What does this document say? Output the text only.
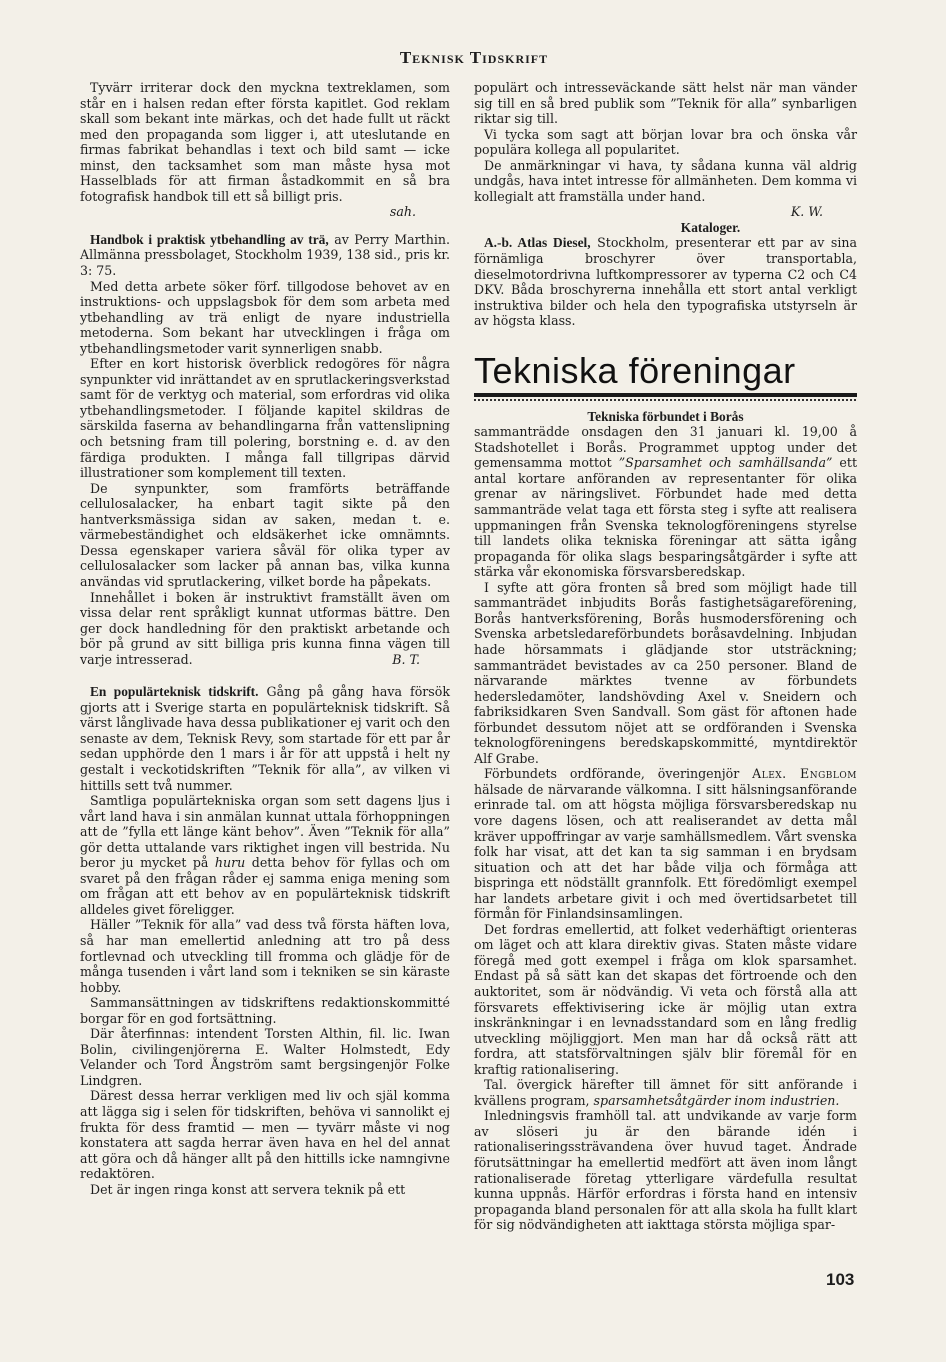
Teknisk Tidskrift
Tyvärr irriterar dock den myckna textreklamen, som står en i halsen redan efter första kapitlet. God reklam skall som bekant inte märkas, och det hade fullt ut räckt med den propaganda som ligger i, att uteslutande en firmas fabrikat behandlas i text och bild samt — icke minst, den tacksamhet som man måste hysa mot Hasselblads för att firman åstadkommit en så bra fotografisk handbok till ett så billigt pris.
sah.
Handbok i praktisk ytbehandling av trä, av Perry Marthin. Allmänna pressbolaget, Stockholm 1939, 138 sid., pris kr. 3: 75.
Med detta arbete söker förf. tillgodose behovet av en instruktions- och uppslagsbok för dem som arbeta med ytbehandling av trä enligt de nyare industriella metoderna. Som bekant har utvecklingen i fråga om ytbehandlingsmetoder varit synnerligen snabb.
Efter en kort historisk överblick redogöres för några synpunkter vid inrättandet av en sprutlackeringsverkstad samt för de verktyg och material, som erfordras vid olika ytbehandlingsmetoder. I följande kapitel skildras de särskilda faserna av behandlingarna från vattenslipning och betsning fram till polering, borstning e. d. av den färdiga produkten. I många fall tillgripas därvid illustrationer som komplement till texten.
De synpunkter, som framförts beträffande cellulosalacker, ha enbart tagit sikte på den hantverksmässiga sidan av saken, medan t. e. värmebeständighet och eldsäkerhet icke omnämnts. Dessa egenskaper variera såväl för olika typer av cellulosalacker som lacker på annan bas, vilka kunna användas vid sprutlackering, vilket borde ha påpekats.
Innehållet i boken är instruktivt framställt även om vissa delar rent språkligt kunnat utformas bättre. Den ger dock handledning för den praktiskt arbetande och bör på grund av sitt billiga pris kunna finna vägen till varje intresserad.	B. T.
En populärteknisk tidskrift. Gång på gång hava försök gjorts att i Sverige starta en populärteknisk tidskrift. Så värst långlivade hava dessa publikationer ej varit och den senaste av dem, Teknisk Revy, som startade för ett par år sedan upphörde den 1 mars i år för att uppstå i helt ny gestalt i veckotidskriften ”Teknik för alla”, av vilken vi hittills sett två nummer.
Samtliga populärtekniska organ som sett dagens ljus i vårt land hava i sin anmälan kunnat uttala förhoppningen att de ”fylla ett länge känt behov”. Även ”Teknik för alla” gör detta uttalande vars riktighet ingen vill bestrida. Nu beror ju mycket på huru detta behov för fyllas och om svaret på den frågan råder ej samma eniga mening som om frågan att ett behov av en populärteknisk tidskrift alldeles givet föreligger.
Häller ”Teknik för alla” vad dess två första häften lova, så har man emellertid anledning att tro på dess fortlevnad och utveckling till fromma och glädje för de många tusenden i vårt land som i tekniken se sin käraste hobby.
Sammansättningen av tidskriftens redaktionskommitté borgar för en god fortsättning.
Där återfinnas: intendent Torsten Althin, fil. lic. Iwan Bolin, civilingenjörerna E. Walter Holmstedt, Edy Velander och Tord Ångström samt bergsingenjör Folke Lindgren.
Därest dessa herrar verkligen med liv och själ komma att lägga sig i selen för tidskriften, behöva vi sannolikt ej frukta för dess framtid — men — tyvärr måste vi nog konstatera att sagda herrar även hava en hel del annat att göra och då hänger allt på den hittills icke namngivne redaktören.
Det är ingen ringa konst att servera teknik på ett
populärt och intresseväckande sätt helst när man vänder sig till en så bred publik som ”Teknik för alla” synbarligen riktar sig till.
Vi tycka som sagt att början lovar bra och önska vår populära kollega all popularitet.
De anmärkningar vi hava, ty sådana kunna väl aldrig undgås, hava intet intresse för allmänheten. Dem komma vi kollegialt att framställa under hand.
K. W.
Kataloger.
A.-b. Atlas Diesel, Stockholm, presenterar ett par av sina förnämliga broschyrer över transportabla, dieselmotordrivna luftkompressorer av typerna C2 och C4 DKV. Båda broschyrerna innehålla ett stort antal verkligt instruktiva bilder och hela den typografiska utstyrseln är av högsta klass.
Tekniska föreningar
Tekniska förbundet i Borås
sammanträdde onsdagen den 31 januari kl. 19,00 å Stadshotellet i Borås. Programmet upptog under det gemensamma mottot ”Sparsamhet och samhällsanda” ett antal kortare anföranden av representanter för olika grenar av näringslivet. Förbundet hade med detta sammanträde velat taga ett första steg i syfte att realisera uppmaningen från Svenska teknologföreningens styrelse till landets olika tekniska föreningar att sätta igång propaganda för olika slags besparingsåtgärder i syfte att stärka vår ekonomiska försvarsberedskap.
I syfte att göra fronten så bred som möjligt hade till sammanträdet inbjudits Borås fastighetsägareförening, Borås hantverksförening, Borås husmodersförening och Svenska arbetsledareförbundets boråsavdelning. Inbjudan hade hörsammats i glädjande stor utsträckning; sammanträdet bevistades av ca 250 personer. Bland de närvarande märktes tvenne av förbundets hedersledamöter, landshövding Axel v. Sneidern och fabriksidkaren Sven Sandvall. Som gäst för aftonen hade förbundet dessutom nöjet att se ordföranden i Svenska teknologföreningens beredskapskommitté, myntdirektör Alf Grabe.
Förbundets ordförande, överingenjör Alex. Engblom hälsade de närvarande välkomna. I sitt hälsningsanförande erinrade tal. om att högsta möjliga försvarsberedskap nu vore dagens lösen, och att realiserandet av detta mål kräver uppoffringar av varje samhällsmedlem. Vårt svenska folk har visat, att det kan ta sig samman i en brydsam situation och att det har både vilja och förmåga att bispringa ett nödställt grannfolk. Ett föredömligt exempel har landets arbetare givit i och med övertidsarbetet till förmån för Finlandsinsamlingen.
Det fordras emellertid, att folket vederhäftigt orienteras om läget och att klara direktiv givas. Staten måste vidare föregå med gott exempel i fråga om klok sparsamhet. Endast på så sätt kan det skapas det förtroende och den auktoritet, som är nödvändig. Vi veta och förstå alla att försvarets effektivisering icke är möjlig utan extra inskränkningar i en levnadsstandard som en lång fredlig utveckling möjliggjort. Men man har då också rätt att fordra, att statsförvaltningen själv blir föremål för en kraftig rationalisering.
Tal. övergick härefter till ämnet för sitt anförande i kvällens program, sparsamhetsåtgärder inom industrien.
Inledningsvis framhöll tal. att undvikande av varje form av slöseri ju är den bärande idén i rationaliseringssträvandena över huvud taget. Ändrade förutsättningar ha emellertid medfört att även inom långt rationaliserade företag ytterligare värdefulla resultat kunna uppnås. Härför erfordras i första hand en intensiv propaganda bland personalen för att alla skola ha fullt klart för sig nödvändigheten att iakttaga största möjliga spar-
103
